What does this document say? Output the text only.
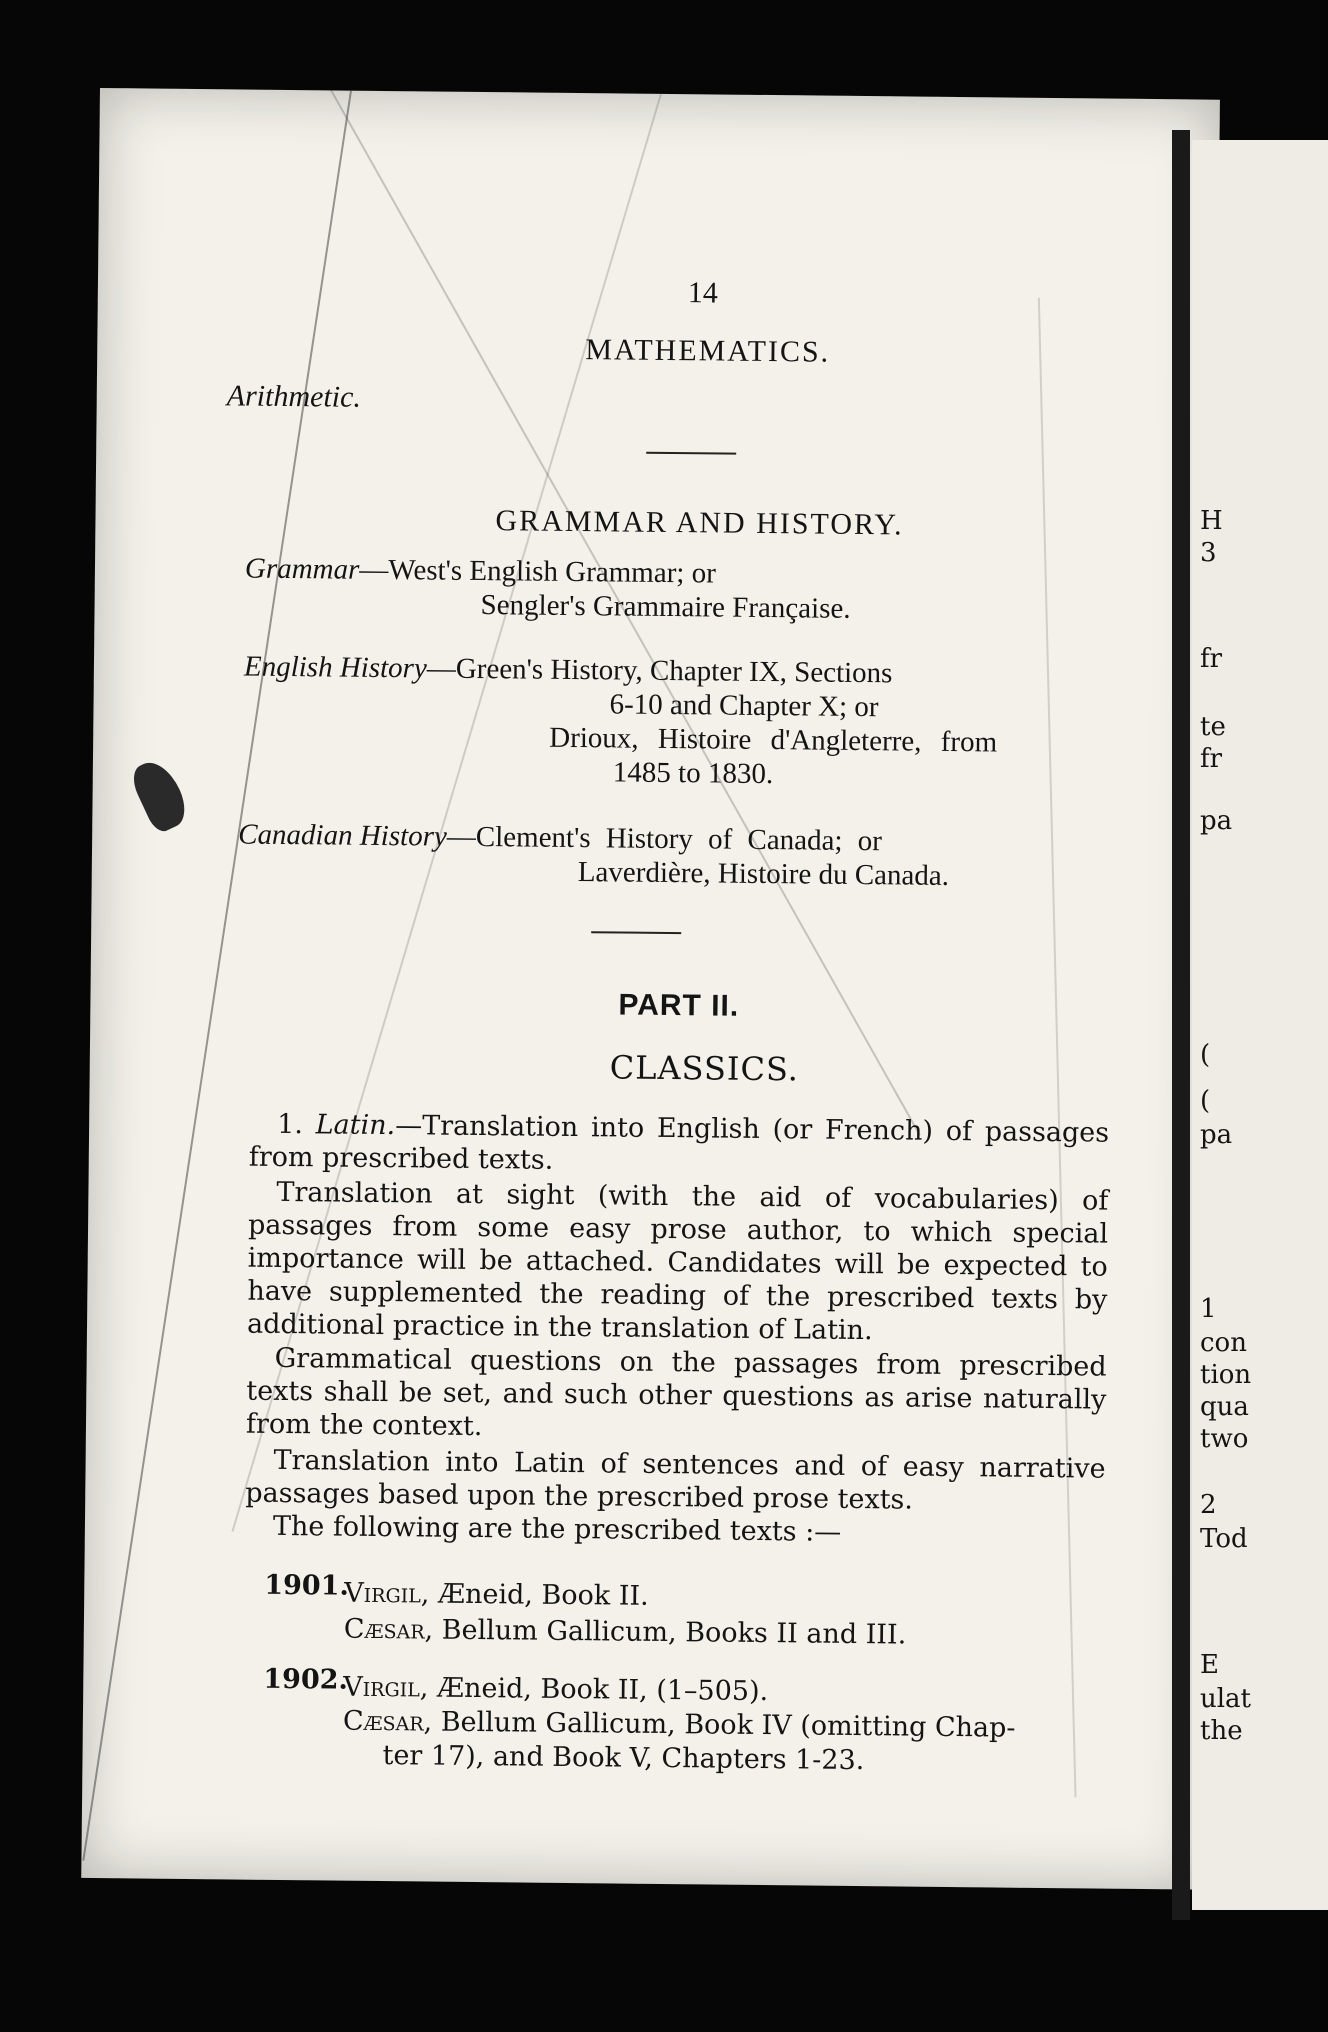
14
MATHEMATICS.
Arithmetic.
GRAMMAR AND HISTORY.
Grammar—West's English Grammar; or
Sengler's Grammaire Française.
English History—Green's History, Chapter IX, Sections
6-10 and Chapter X; or
Drioux, Histoire d'Angleterre, from
1485 to 1830.
Canadian History—Clement's History of Canada; or
Laverdière, Histoire du Canada.
PART II.
CLASSICS.
1. Latin.—Translation into English (or French) of passages from prescribed texts.
Translation at sight (with the aid of vocabularies) of passages from some easy prose author, to which special importance will be attached. Candidates will be expected to have supplemented the reading of the prescribed texts by additional practice in the translation of Latin.
Grammatical questions on the passages from prescribed texts shall be set, and such other questions as arise naturally from the context.
Translation into Latin of sentences and of easy narrative passages based upon the prescribed prose texts.
The following are the prescribed texts :—
1901.
Virgil, Æneid, Book II.
Cæsar, Bellum Gallicum, Books II and III.
1902.
Virgil, Æneid, Book II, (1–505).
Cæsar, Bellum Gallicum, Book IV (omitting Chap-
ter 17), and Book V, Chapters 1-23.
H
3
fr
te
fr
pa
(
(
pa
1
con
tion
qua
two
2
Tod
E
ulat
the
